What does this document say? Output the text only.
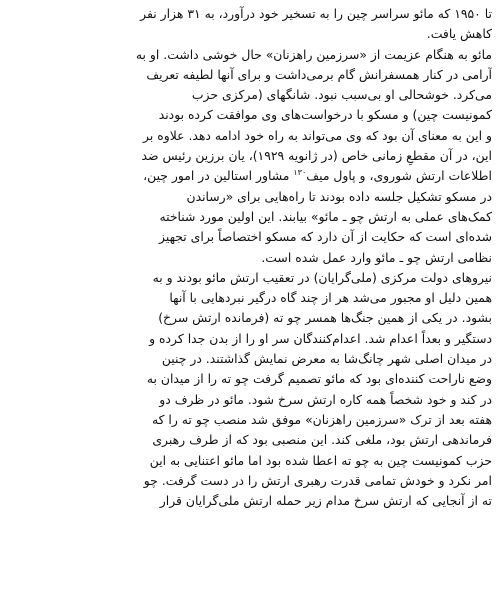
تا ۱۹۵۰ که مائو سراسر چین را به تسخیر خود درآورد، به ۳۱ هزار نفر
کاهش یافت.
مائو به هنگام عزیمت از «سرزمین راهزنان» حال خوشی داشت. او به
آرامی در کنار همسفرانش گام برمی‌داشت و برای آنها لطیفه تعریف
می‌کرد. خوشحالی او بی‌سبب نبود. شانگهای (مرکزی حزب
کمونیست چین) و مسکو با درخواست‌های وی موافقت کرده بودند
و این به معنای آن بود که وی می‌تواند به راه خود ادامه دهد. علاوه بر
این، در آن مقطعِ زمانی خاص (در ژانویه ۱۹۲۹)، یان برزین رئیس ضد
اطلاعات ارتش شوروی، و پاول میف$^{۱۳۰}$ مشاور استالین در امور چین،
در مسکو تشکیل جلسه داده بودند تا راه‌هایی برای «رساندن
کمک‌های عملی به ارتش چو ـ مائو» بیابند. این اولین مورد شناخته
شده‌ای است که حکایت از آن دارد که مسکو اختصاصاً برای تجهیز
نظامی ارتش چو ـ مائو وارد عمل شده است.
نیروهای دولت مرکزی (ملی‌گرایان) در تعقیب ارتش مائو بودند و به
همین دلیل او مجبور می‌شد هر از چند گاه درگیر نبردهایی با آنها
بشود. در یکی از همین جنگ‌ها همسر چو ته (فرمانده ارتش سرخ)
دستگیر و بعداً اعدام شد. اعدام‌کنندگان سر او را از بدن جدا کرده و
در میدان اصلی شهر چانگ‌شا به معرض نمایش گذاشتند. در چنین
وضع ناراحت کننده‌ای بود که مائو تصمیم گرفت چو ته را از میدان به
در کند و خود شخصاً همه کاره ارتش سرخ شود. مائو در ظرف دو
هفته بعد از ترک «سرزمین راهزنان» موفق شد منصب چو ته را که
فرماندهی ارتش بود، ملغی کند. این منصبی بود که از طرف رهبری
حزب کمونیست چین به چو ته اعطا شده بود اما مائو اعتنایی به این
امر نکرد و خودش تمامی قدرت رهبری ارتش را در دست گرفت. چو
ته از آنجایی که ارتش سرخ مدام زیر حمله ارتش ملی‌گرایان قرار
